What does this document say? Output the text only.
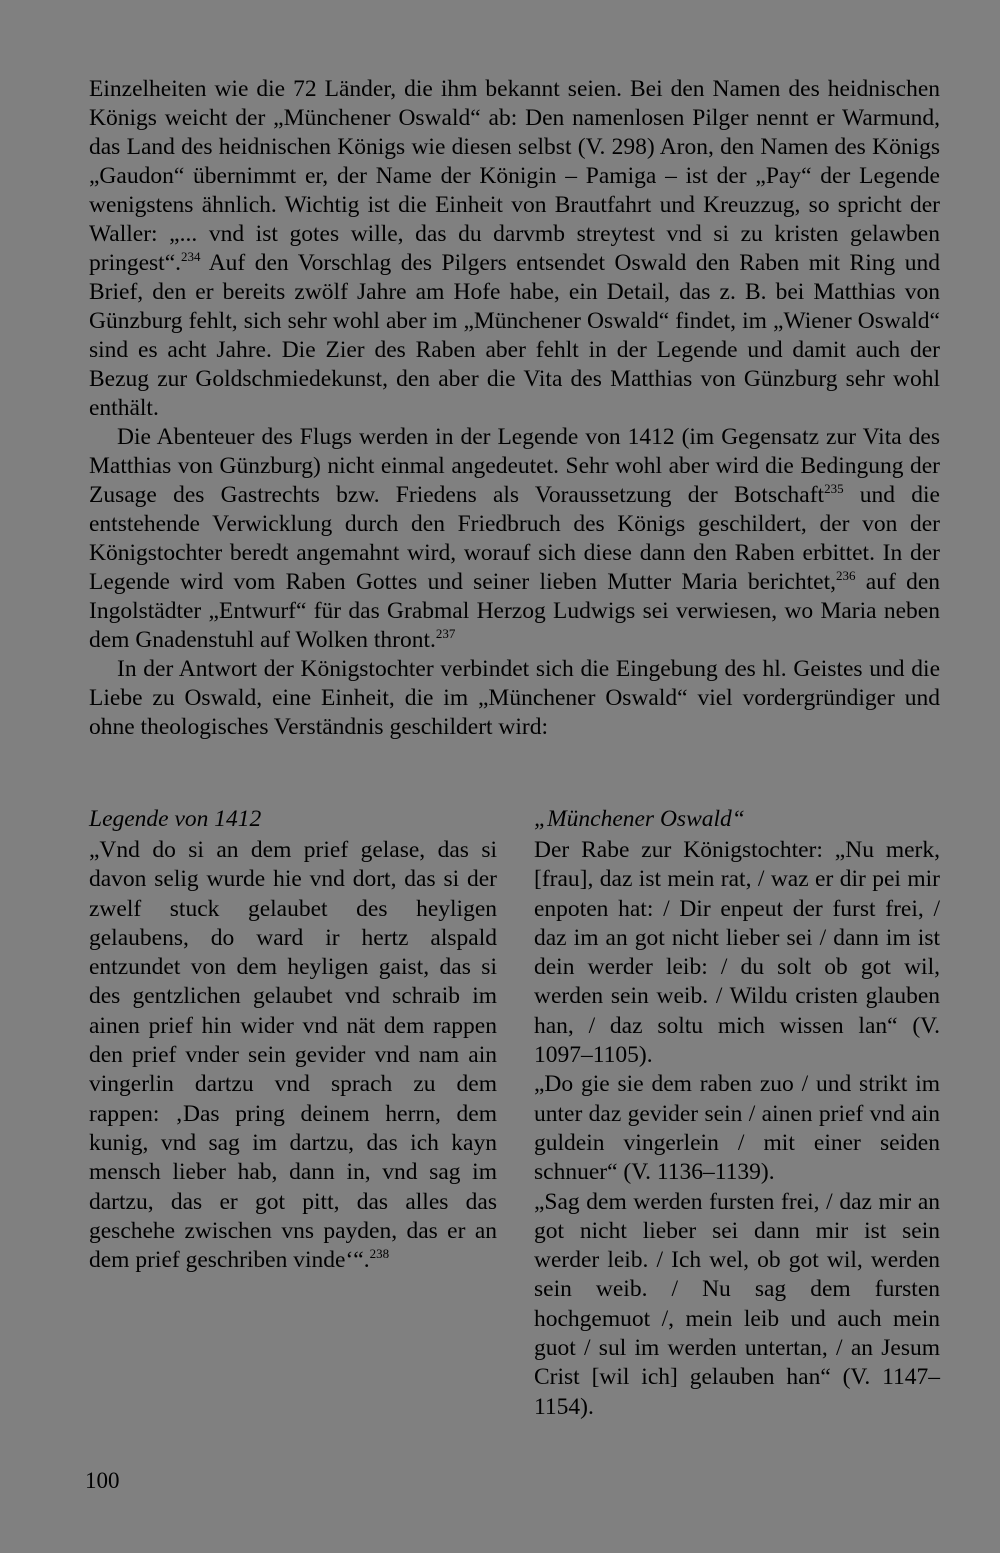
Einzelheiten wie die 72 Länder, die ihm bekannt seien. Bei den Namen des heidnischen Königs weicht der „Münchener Oswald“ ab: Den namenlosen Pilger nennt er Warmund, das Land des heidnischen Königs wie diesen selbst (V. 298) Aron, den Namen des Königs „Gaudon“ übernimmt er, der Name der Königin – Pamiga – ist der „Pay“ der Legende wenigstens ähnlich. Wichtig ist die Einheit von Brautfahrt und Kreuzzug, so spricht der Waller: „... vnd ist gotes wille, das du darvmb streytest vnd si zu kristen gelawben pringest“.$^{234}$ Auf den Vorschlag des Pilgers entsendet Oswald den Raben mit Ring und Brief, den er bereits zwölf Jahre am Hofe habe, ein Detail, das z. B. bei Matthias von Günzburg fehlt, sich sehr wohl aber im „Münchener Oswald“ findet, im „Wiener Oswald“ sind es acht Jahre. Die Zier des Raben aber fehlt in der Legende und damit auch der Bezug zur Goldschmiedekunst, den aber die Vita des Matthias von Günzburg sehr wohl enthält.

Die Abenteuer des Flugs werden in der Legende von 1412 (im Gegensatz zur Vita des Matthias von Günzburg) nicht einmal angedeutet. Sehr wohl aber wird die Bedingung der Zusage des Gastrechts bzw. Friedens als Voraussetzung der Botschaft$^{235}$ und die entstehende Verwicklung durch den Friedbruch des Königs geschildert, der von der Königstochter beredt angemahnt wird, worauf sich diese dann den Raben erbittet. In der Legende wird vom Raben Gottes und seiner lieben Mutter Maria berichtet,$^{236}$ auf den Ingolstädter „Entwurf“ für das Grabmal Herzog Ludwigs sei verwiesen, wo Maria neben dem Gnadenstuhl auf Wolken thront.$^{237}$

In der Antwort der Königstochter verbindet sich die Eingebung des hl. Geistes und die Liebe zu Oswald, eine Einheit, die im „Münchener Oswald“ viel vordergründiger und ohne theologisches Verständnis geschildert wird:

Legende von 1412

„Vnd do si an dem prief gelase, das si davon selig wurde hie vnd dort, das si der zwelf stuck gelaubet des heyligen gelaubens, do ward ir hertz alspald entzundet von dem heyligen gaist, das si des gentzlichen gelaubet vnd schraib im ainen prief hin wider vnd nät dem rappen den prief vnder sein gevider vnd nam ain vingerlin dartzu vnd sprach zu dem rappen: ‚Das pring deinem herrn, dem kunig, vnd sag im dartzu, das ich kayn mensch lieber hab, dann in, vnd sag im dartzu, das er got pitt, das alles das geschehe zwischen vns payden, das er an dem prief geschriben vinde‘“.$^{238}$

„Münchener Oswald“

Der Rabe zur Königstochter: „Nu merk, [frau], daz ist mein rat, / waz er dir pei mir enpoten hat: / Dir enpeut der furst frei, / daz im an got nicht lieber sei / dann im ist dein werder leib: / du solt ob got wil, werden sein weib. / Wildu cristen glauben han, / daz soltu mich wissen lan“ (V. 1097–1105).

„Do gie sie dem raben zuo / und strikt im unter daz gevider sein / ainen prief vnd ain guldein vingerlein / mit einer seiden schnuer“ (V. 1136–1139).

„Sag dem werden fursten frei, / daz mir an got nicht lieber sei dann mir ist sein werder leib. / Ich wel, ob got wil, werden sein weib. / Nu sag dem fursten hochgemuot /, mein leib und auch mein guot / sul im werden untertan, / an Jesum Crist [wil ich] gelauben han“ (V. 1147–1154).

100
